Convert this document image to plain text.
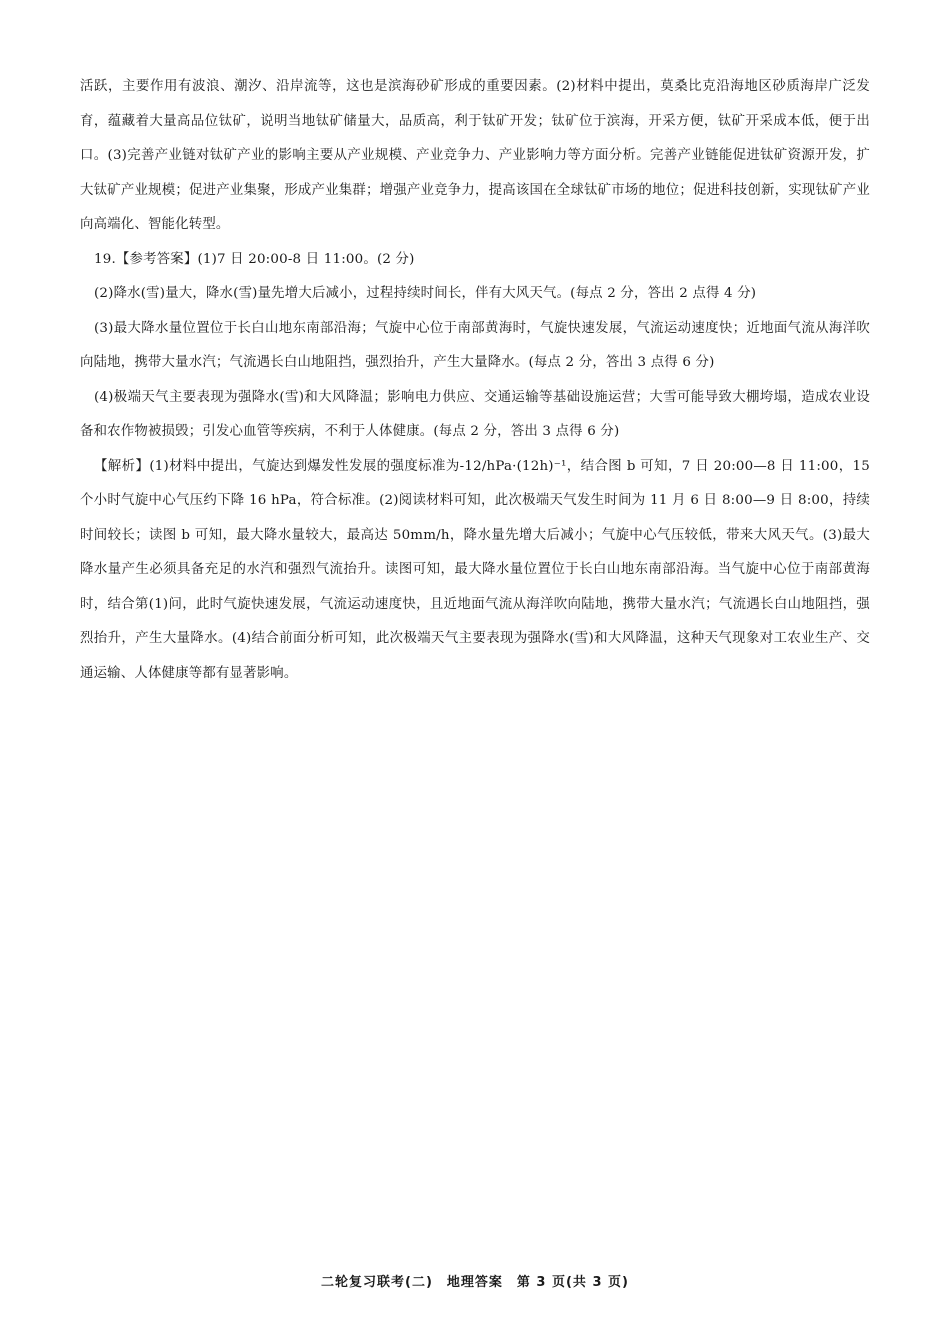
活跃，主要作用有波浪、潮汐、沿岸流等，这也是滨海砂矿形成的重要因素。(2)材料中提出，莫桑比克沿海地区砂质海岸广泛发育，蕴藏着大量高品位钛矿，说明当地钛矿储量大，品质高，利于钛矿开发；钛矿位于滨海，开采方便，钛矿开采成本低，便于出口。(3)完善产业链对钛矿产业的影响主要从产业规模、产业竞争力、产业影响力等方面分析。完善产业链能促进钛矿资源开发，扩大钛矿产业规模；促进产业集聚，形成产业集群；增强产业竞争力，提高该国在全球钛矿市场的地位；促进科技创新，实现钛矿产业向高端化、智能化转型。

19.【参考答案】(1)7 日 20:00-8 日 11:00。(2 分)

(2)降水(雪)量大，降水(雪)量先增大后减小，过程持续时间长，伴有大风天气。(每点 2 分，答出 2 点得 4 分)

(3)最大降水量位置位于长白山地东南部沿海；气旋中心位于南部黄海时，气旋快速发展，气流运动速度快；近地面气流从海洋吹向陆地，携带大量水汽；气流遇长白山地阻挡，强烈抬升，产生大量降水。(每点 2 分，答出 3 点得 6 分)

(4)极端天气主要表现为强降水(雪)和大风降温；影响电力供应、交通运输等基础设施运营；大雪可能导致大棚垮塌，造成农业设备和农作物被损毁；引发心血管等疾病，不利于人体健康。(每点 2 分，答出 3 点得 6 分)

【解析】(1)材料中提出，气旋达到爆发性发展的强度标准为-12/hPa·(12h)⁻¹，结合图 b 可知，7 日 20:00—8 日 11:00，15 个小时气旋中心气压约下降 16 hPa，符合标准。(2)阅读材料可知，此次极端天气发生时间为 11 月 6 日 8:00—9 日 8:00，持续时间较长；读图 b 可知，最大降水量较大，最高达 50mm/h，降水量先增大后减小；气旋中心气压较低，带来大风天气。(3)最大降水量产生必须具备充足的水汽和强烈气流抬升。读图可知，最大降水量位置位于长白山地东南部沿海。当气旋中心位于南部黄海时，结合第(1)问，此时气旋快速发展，气流运动速度快，且近地面气流从海洋吹向陆地，携带大量水汽；气流遇长白山地阻挡，强烈抬升，产生大量降水。(4)结合前面分析可知，此次极端天气主要表现为强降水(雪)和大风降温，这种天气现象对工农业生产、交通运输、人体健康等都有显著影响。

二轮复习联考(二)　地理答案　第 3 页(共 3 页)
